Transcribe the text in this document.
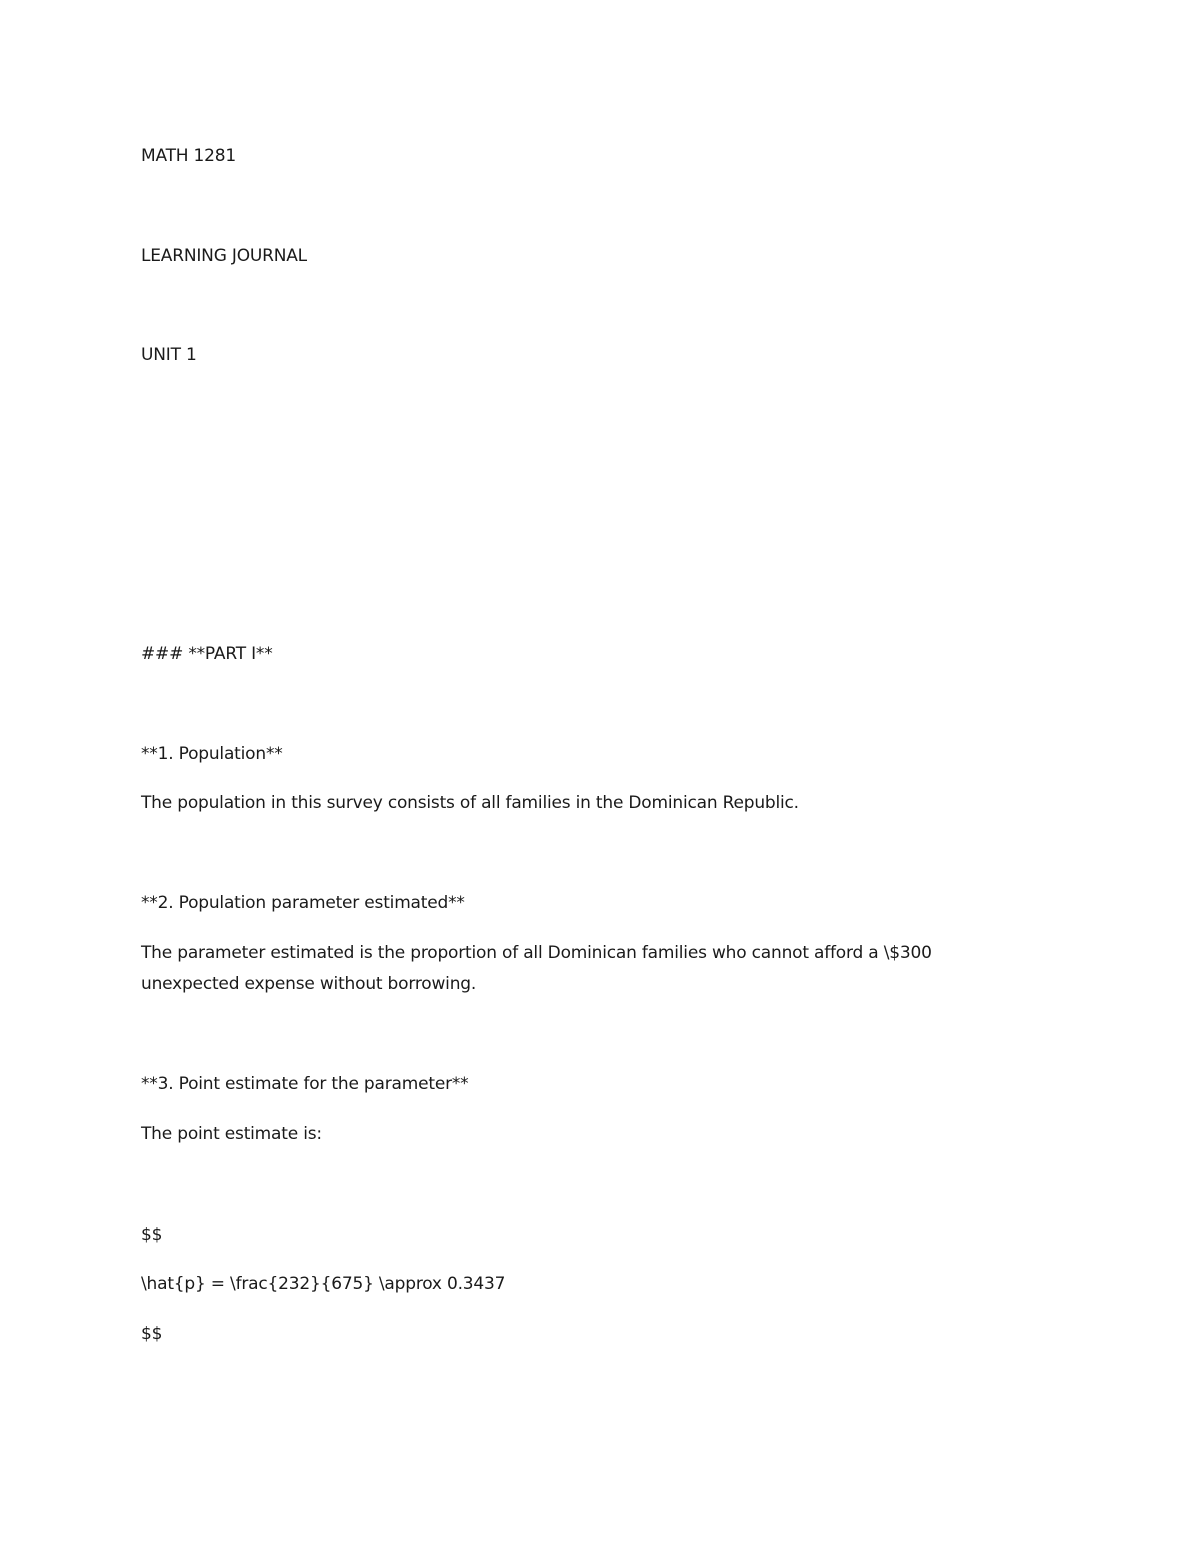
MATH 1281
LEARNING JOURNAL
UNIT 1
### **PART I**
**1. Population**
The population in this survey consists of all families in the Dominican Republic.
**2. Population parameter estimated**
The parameter estimated is the proportion of all Dominican families who cannot afford a \$300
unexpected expense without borrowing.
**3. Point estimate for the parameter**
The point estimate is:
$$
\hat{p} = \frac{232}{675} \approx 0.3437
$$
